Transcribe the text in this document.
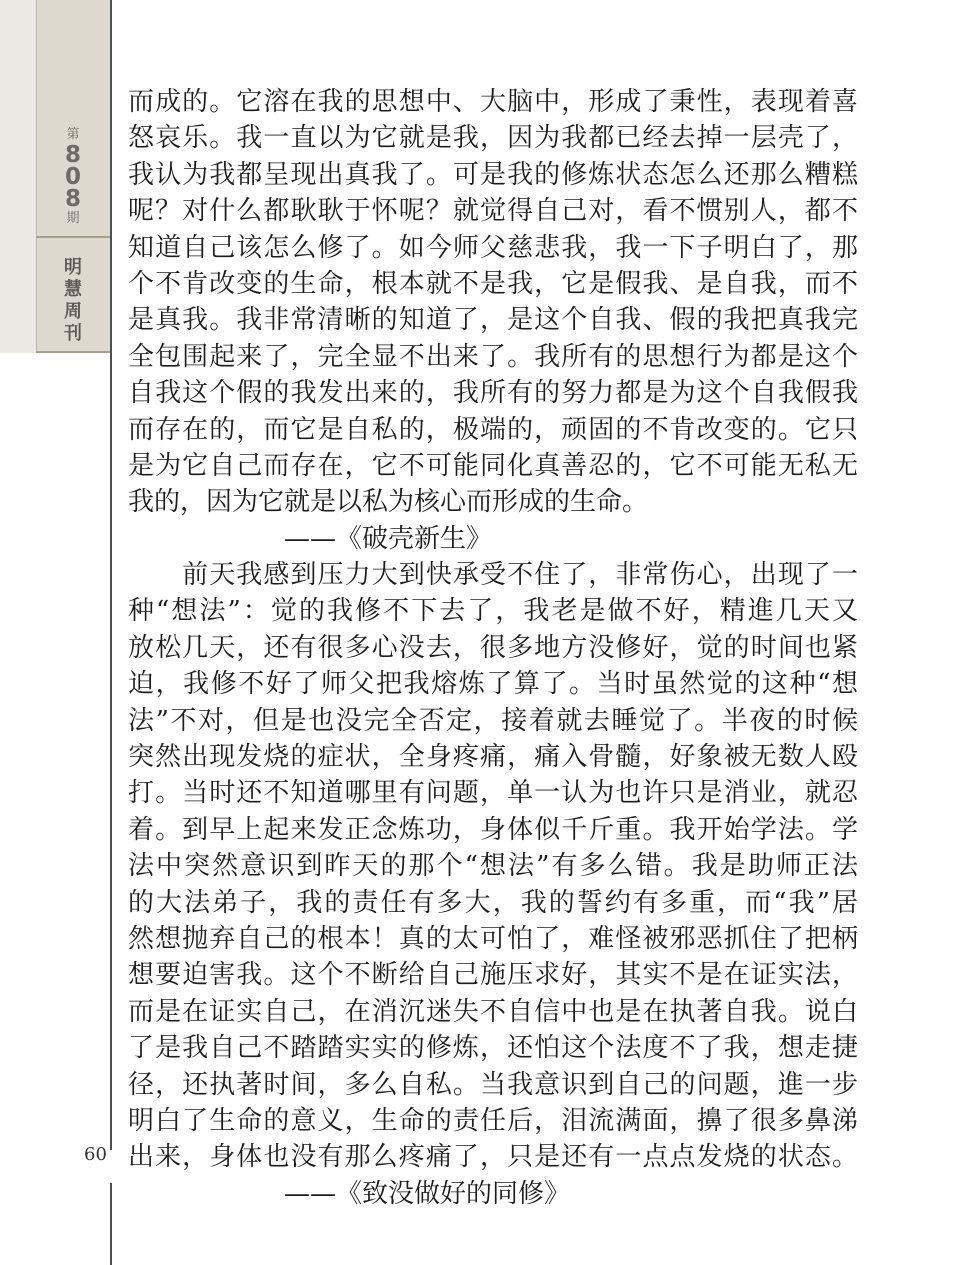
第
8
0
8
期
明
慧
周
刊
60
而成的。它溶在我的思想中、大脑中，形成了秉性，表现着喜
怒哀乐。我一直以为它就是我，因为我都已经去掉一层壳了，
我认为我都呈现出真我了。可是我的修炼状态怎么还那么糟糕
呢？对什么都耿耿于怀呢？就觉得自己对，看不惯别人，都不
知道自己该怎么修了。如今师父慈悲我，我一下子明白了，那
个不肯改变的生命，根本就不是我，它是假我、是自我，而不
是真我。我非常清晰的知道了，是这个自我、假的我把真我完
全包围起来了，完全显不出来了。我所有的思想行为都是这个
自我这个假的我发出来的，我所有的努力都是为这个自我假我
而存在的，而它是自私的，极端的，顽固的不肯改变的。它只
是为它自己而存在，它不可能同化真善忍的，它不可能无私无
我的，因为它就是以私为核心而形成的生命。
——《破壳新生》
　　前天我感到压力大到快承受不住了，非常伤心，出现了一
种“想法”：觉的我修不下去了，我老是做不好，精進几天又
放松几天，还有很多心没去，很多地方没修好，觉的时间也紧
迫，我修不好了师父把我熔炼了算了。当时虽然觉的这种“想
法”不对，但是也没完全否定，接着就去睡觉了。半夜的时候
突然出现发烧的症状，全身疼痛，痛入骨髓，好象被无数人殴
打。当时还不知道哪里有问题，单一认为也许只是消业，就忍
着。到早上起来发正念炼功，身体似千斤重。我开始学法。学
法中突然意识到昨天的那个“想法”有多么错。我是助师正法
的大法弟子，我的责任有多大，我的誓约有多重，而“我”居
然想抛弃自己的根本！真的太可怕了，难怪被邪恶抓住了把柄
想要迫害我。这个不断给自己施压求好，其实不是在证实法，
而是在证实自己，在消沉迷失不自信中也是在执著自我。说白
了是我自己不踏踏实实的修炼，还怕这个法度不了我，想走捷
径，还执著时间，多么自私。当我意识到自己的问题，進一步
明白了生命的意义，生命的责任后，泪流满面，擤了很多鼻涕
出来，身体也没有那么疼痛了，只是还有一点点发烧的状态。
——《致没做好的同修》
